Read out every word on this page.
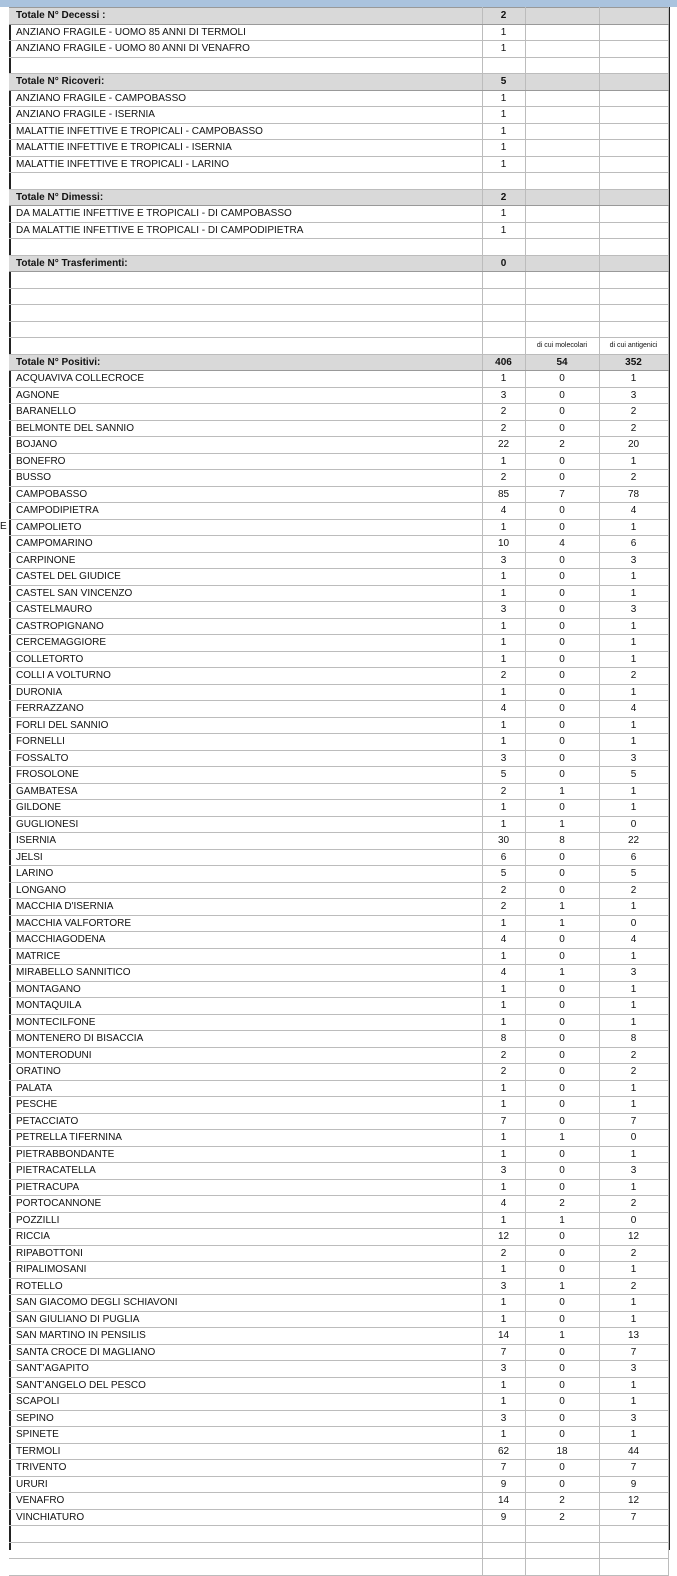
E
Totale N° Decessi :	2		
ANZIANO FRAGILE - UOMO 85 ANNI DI TERMOLI	1		
ANZIANO FRAGILE - UOMO 80 ANNI DI VENAFRO	1		

Totale N° Ricoveri:	5		
ANZIANO FRAGILE - CAMPOBASSO	1		
ANZIANO FRAGILE - ISERNIA	1		
MALATTIE INFETTIVE E TROPICALI - CAMPOBASSO	1		
MALATTIE INFETTIVE E TROPICALI - ISERNIA	1		
MALATTIE INFETTIVE E TROPICALI - LARINO	1		

Totale N° Dimessi:	2		
DA MALATTIE INFETTIVE E TROPICALI - DI CAMPOBASSO	1		
DA MALATTIE INFETTIVE E TROPICALI - DI CAMPODIPIETRA	1		

Totale N° Trasferimenti:	0		

		di cui molecolari	di cui antigenici
Totale N° Positivi:	406	54	352
ACQUAVIVA COLLECROCE	1	0	1
AGNONE	3	0	3
BARANELLO	2	0	2
BELMONTE DEL SANNIO	2	0	2
BOJANO	22	2	20
BONEFRO	1	0	1
BUSSO	2	0	2
CAMPOBASSO	85	7	78
CAMPODIPIETRA	4	0	4
CAMPOLIETO	1	0	1
CAMPOMARINO	10	4	6
CARPINONE	3	0	3
CASTEL DEL GIUDICE	1	0	1
CASTEL SAN VINCENZO	1	0	1
CASTELMAURO	3	0	3
CASTROPIGNANO	1	0	1
CERCEMAGGIORE	1	0	1
COLLETORTO	1	0	1
COLLI A VOLTURNO	2	0	2
DURONIA	1	0	1
FERRAZZANO	4	0	4
FORLI DEL SANNIO	1	0	1
FORNELLI	1	0	1
FOSSALTO	3	0	3
FROSOLONE	5	0	5
GAMBATESA	2	1	1
GILDONE	1	0	1
GUGLIONESI	1	1	0
ISERNIA	30	8	22
JELSI	6	0	6
LARINO	5	0	5
LONGANO	2	0	2
MACCHIA D'ISERNIA	2	1	1
MACCHIA VALFORTORE	1	1	0
MACCHIAGODENA	4	0	4
MATRICE	1	0	1
MIRABELLO SANNITICO	4	1	3
MONTAGANO	1	0	1
MONTAQUILA	1	0	1
MONTECILFONE	1	0	1
MONTENERO DI BISACCIA	8	0	8
MONTERODUNI	2	0	2
ORATINO	2	0	2
PALATA	1	0	1
PESCHE	1	0	1
PETACCIATO	7	0	7
PETRELLA TIFERNINA	1	1	0
PIETRABBONDANTE	1	0	1
PIETRACATELLA	3	0	3
PIETRACUPA	1	0	1
PORTOCANNONE	4	2	2
POZZILLI	1	1	0
RICCIA	12	0	12
RIPABOTTONI	2	0	2
RIPALIMOSANI	1	0	1
ROTELLO	3	1	2
SAN GIACOMO DEGLI SCHIAVONI	1	0	1
SAN GIULIANO DI PUGLIA	1	0	1
SAN MARTINO IN PENSILIS	14	1	13
SANTA CROCE DI MAGLIANO	7	0	7
SANT'AGAPITO	3	0	3
SANT'ANGELO DEL PESCO	1	0	1
SCAPOLI	1	0	1
SEPINO	3	0	3
SPINETE	1	0	1
TERMOLI	62	18	44
TRIVENTO	7	0	7
URURI	9	0	9
VENAFRO	14	2	12
VINCHIATURO	9	2	7
